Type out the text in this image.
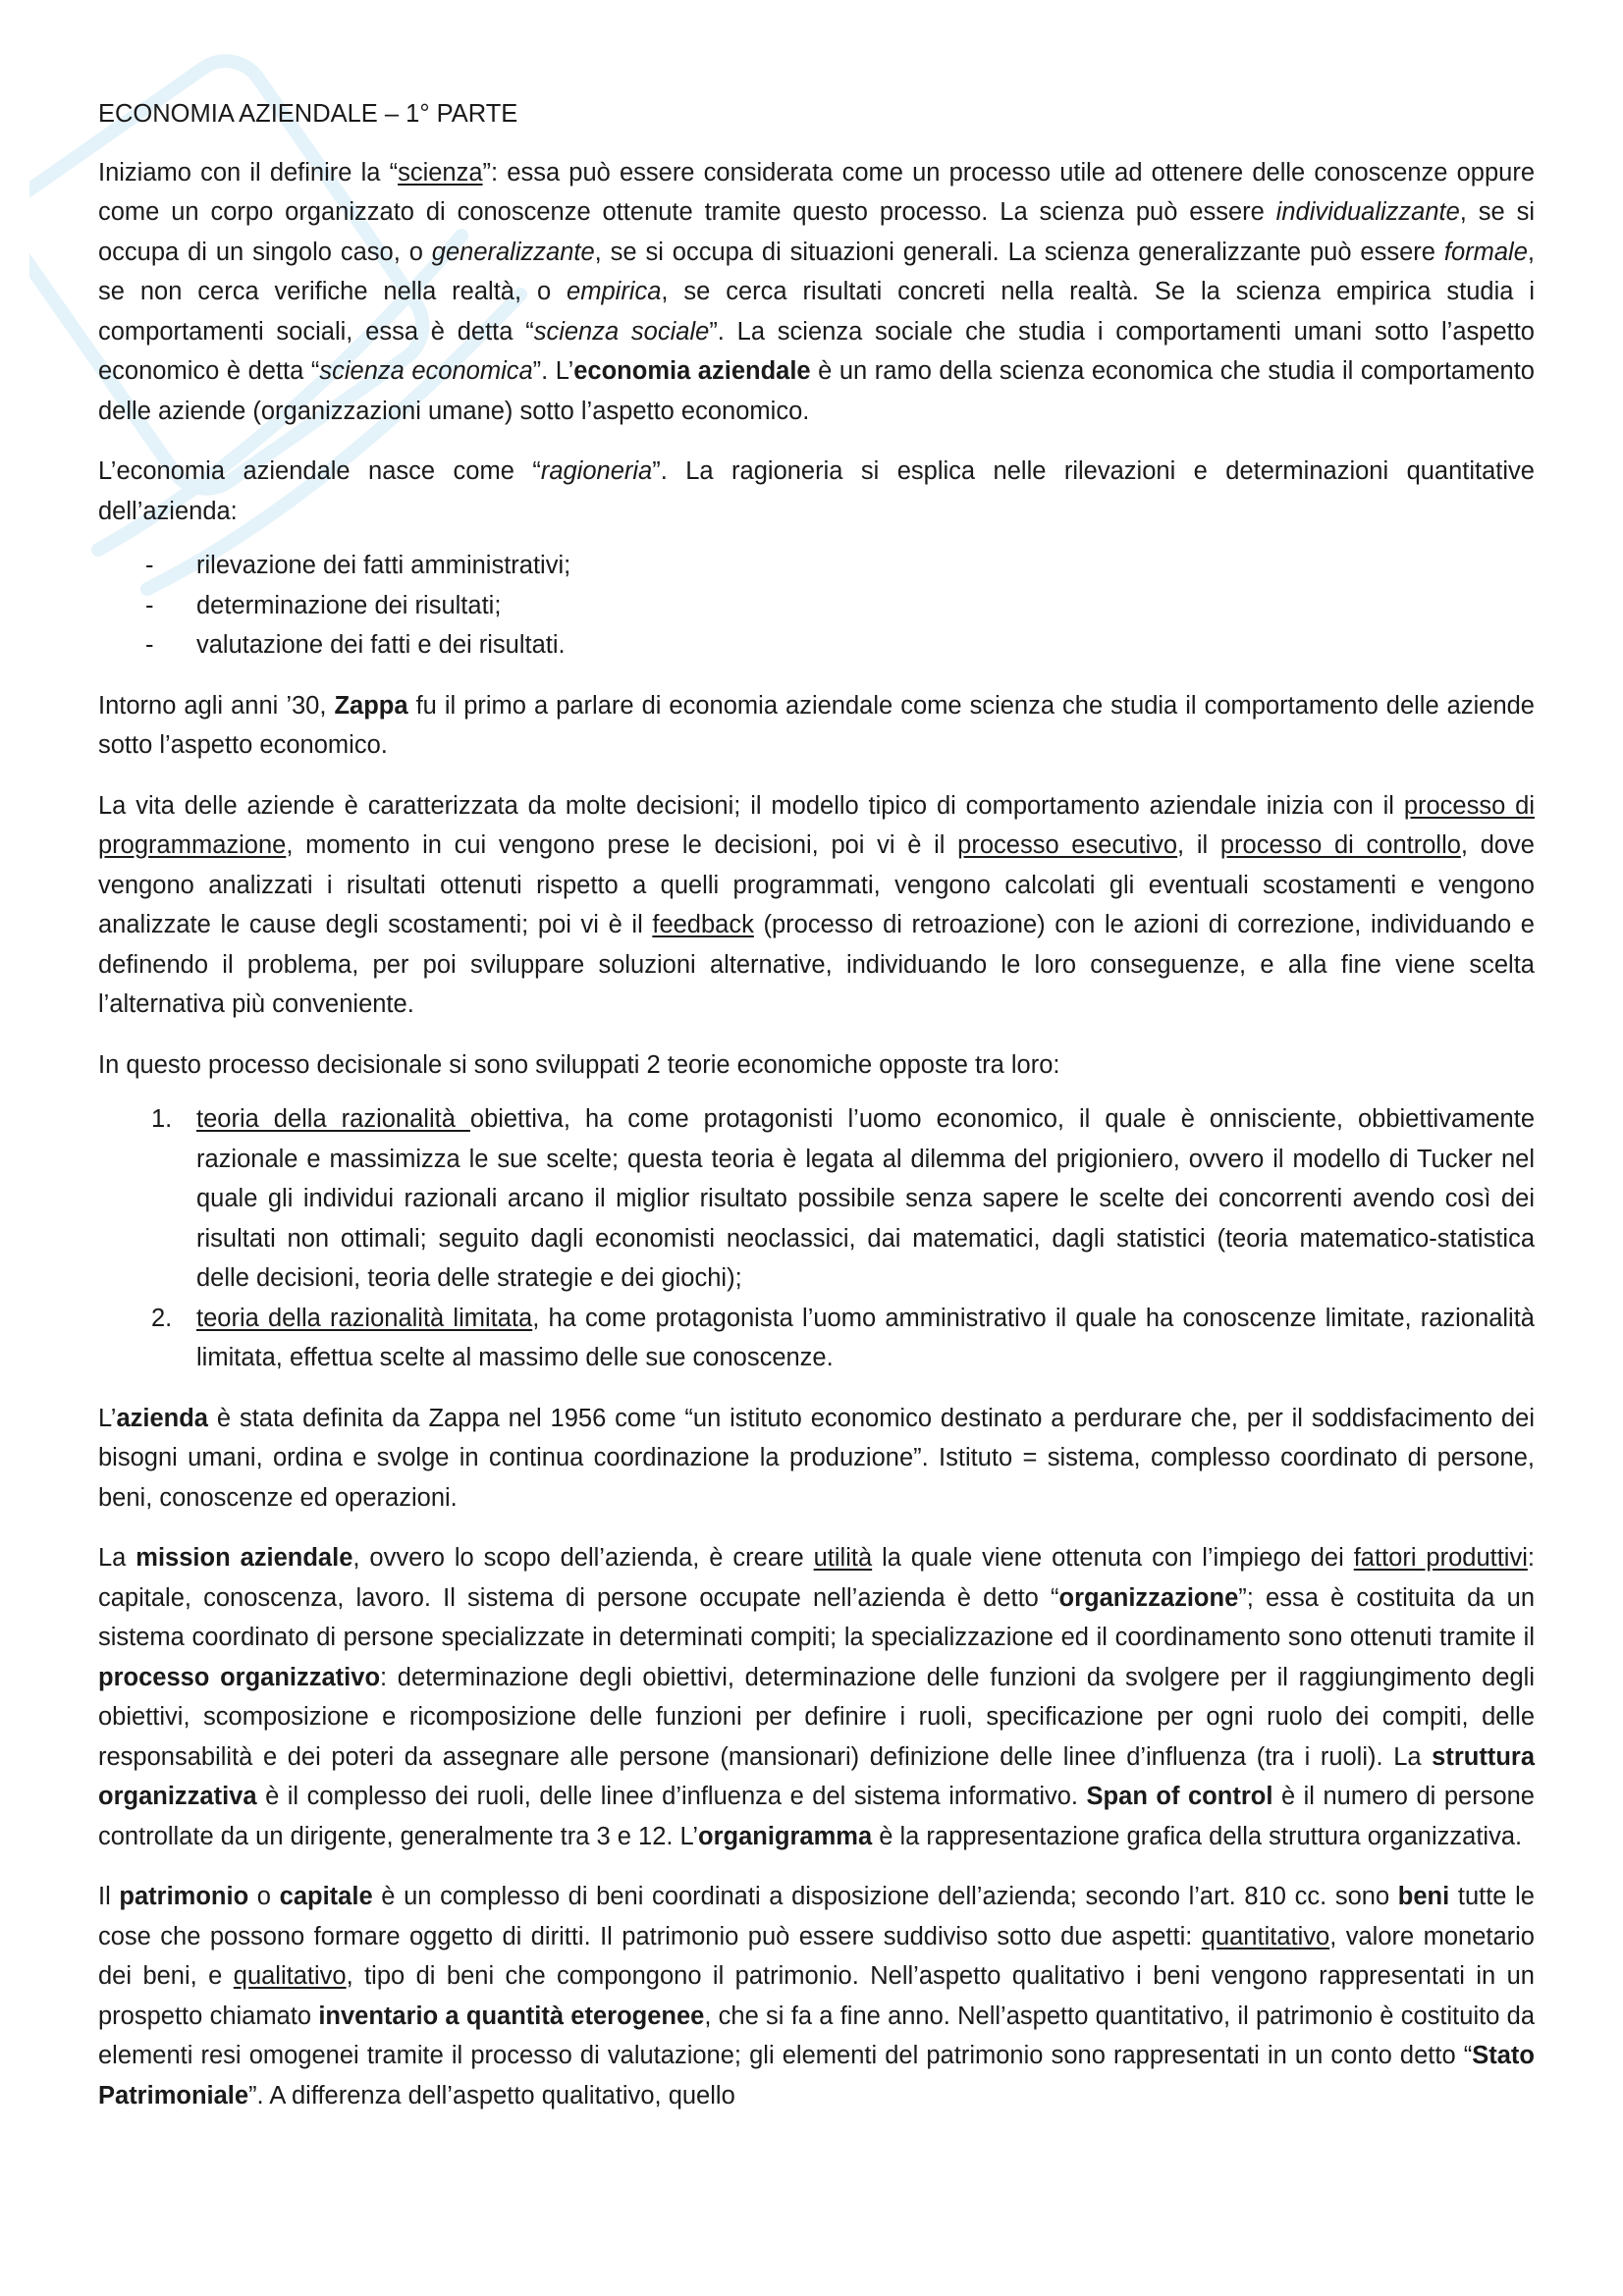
ECONOMIA AZIENDALE – 1° PARTE

Iniziamo con il definire la “scienza”: essa può essere considerata come un processo utile ad ottenere delle conoscenze oppure come un corpo organizzato di conoscenze ottenute tramite questo processo. La scienza può essere individualizzante, se si occupa di un singolo caso, o generalizzante, se si occupa di situazioni generali. La scienza generalizzante può essere formale, se non cerca verifiche nella realtà, o empirica, se cerca risultati concreti nella realtà. Se la scienza empirica studia i comportamenti sociali, essa è detta “scienza sociale”. La scienza sociale che studia i comportamenti umani sotto l’aspetto economico è detta “scienza economica”. L’economia aziendale è un ramo della scienza economica che studia il comportamento delle aziende (organizzazioni umane) sotto l’aspetto economico.

L’economia aziendale nasce come “ragioneria”. La ragioneria si esplica nelle rilevazioni e determinazioni quantitative dell’azienda:

- rilevazione dei fatti amministrativi;
- determinazione dei risultati;
- valutazione dei fatti e dei risultati.

Intorno agli anni ’30, Zappa fu il primo a parlare di economia aziendale come scienza che studia il comportamento delle aziende sotto l’aspetto economico.

La vita delle aziende è caratterizzata da molte decisioni; il modello tipico di comportamento aziendale inizia con il processo di programmazione, momento in cui vengono prese le decisioni, poi vi è il processo esecutivo, il processo di controllo, dove vengono analizzati i risultati ottenuti rispetto a quelli programmati, vengono calcolati gli eventuali scostamenti e vengono analizzate le cause degli scostamenti; poi vi è il feedback (processo di retroazione) con le azioni di correzione, individuando e definendo il problema, per poi sviluppare soluzioni alternative, individuando le loro conseguenze, e alla fine viene scelta l’alternativa più conveniente.

In questo processo decisionale si sono sviluppati 2 teorie economiche opposte tra loro:

1. teoria della razionalità obiettiva, ha come protagonisti l’uomo economico, il quale è onnisciente, obbiettivamente razionale e massimizza le sue scelte; questa teoria è legata al dilemma del prigioniero, ovvero il modello di Tucker nel quale gli individui razionali arcano il miglior risultato possibile senza sapere le scelte dei concorrenti avendo così dei risultati non ottimali; seguito dagli economisti neoclassici, dai matematici, dagli statistici (teoria matematico-statistica delle decisioni, teoria delle strategie e dei giochi);
2. teoria della razionalità limitata, ha come protagonista l’uomo amministrativo il quale ha conoscenze limitate, razionalità limitata, effettua scelte al massimo delle sue conoscenze.

L’azienda è stata definita da Zappa nel 1956 come “un istituto economico destinato a perdurare che, per il soddisfacimento dei bisogni umani, ordina e svolge in continua coordinazione la produzione”. Istituto = sistema, complesso coordinato di persone, beni, conoscenze ed operazioni.

La mission aziendale, ovvero lo scopo dell’azienda, è creare utilità la quale viene ottenuta con l’impiego dei fattori produttivi: capitale, conoscenza, lavoro. Il sistema di persone occupate nell’azienda è detto “organizzazione”; essa è costituita da un sistema coordinato di persone specializzate in determinati compiti; la specializzazione ed il coordinamento sono ottenuti tramite il processo organizzativo: determinazione degli obiettivi, determinazione delle funzioni da svolgere per il raggiungimento degli obiettivi, scomposizione e ricomposizione delle funzioni per definire i ruoli, specificazione per ogni ruolo dei compiti, delle responsabilità e dei poteri da assegnare alle persone (mansionari) definizione delle linee d’influenza (tra i ruoli). La struttura organizzativa è il complesso dei ruoli, delle linee d’influenza e del sistema informativo. Span of control è il numero di persone controllate da un dirigente, generalmente tra 3 e 12. L’organigramma è la rappresentazione grafica della struttura organizzativa.

Il patrimonio o capitale è un complesso di beni coordinati a disposizione dell’azienda; secondo l’art. 810 cc. sono beni tutte le cose che possono formare oggetto di diritti. Il patrimonio può essere suddiviso sotto due aspetti: quantitativo, valore monetario dei beni, e qualitativo, tipo di beni che compongono il patrimonio. Nell’aspetto qualitativo i beni vengono rappresentati in un prospetto chiamato inventario a quantità eterogenee, che si fa a fine anno. Nell’aspetto quantitativo, il patrimonio è costituito da elementi resi omogenei tramite il processo di valutazione; gli elementi del patrimonio sono rappresentati in un conto detto “Stato Patrimoniale”. A differenza dell’aspetto qualitativo, quello
